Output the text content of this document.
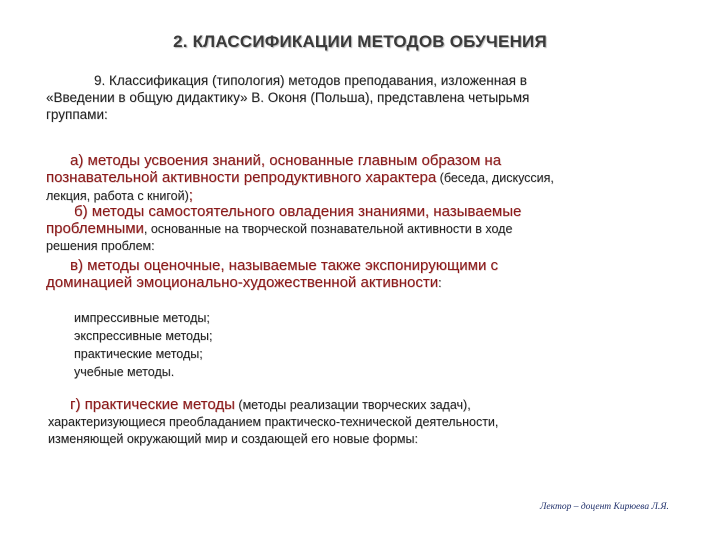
2. КЛАССИФИКАЦИИ МЕТОДОВ ОБУЧЕНИЯ
9. Классификация (типология) методов преподавания, изложенная в
«Введении в общую дидактику» В. Оконя (Польша), представлена четырьмя
группами:
а) методы усвоения знаний, основанные главным образом на
познавательной активности репродуктивного характера (беседа, дискуссия,
лекция, работа с книгой);
б) методы самостоятельного овладения знаниями, называемые
проблемными, основанные на творческой познавательной активности в ходе
решения проблем:
в) методы оценочные, называемые также экспонирующими с
доминацией эмоционально-художественной активности:
импрессивные методы;
экспрессивные методы;
практические методы;
учебные методы.
г) практические методы (методы реализации творческих задач),
характеризующиеся преобладанием практическо-технической деятельности,
изменяющей окружающий мир и создающей его новые формы:
Лектор – доцент Кирюева Л.Я.
